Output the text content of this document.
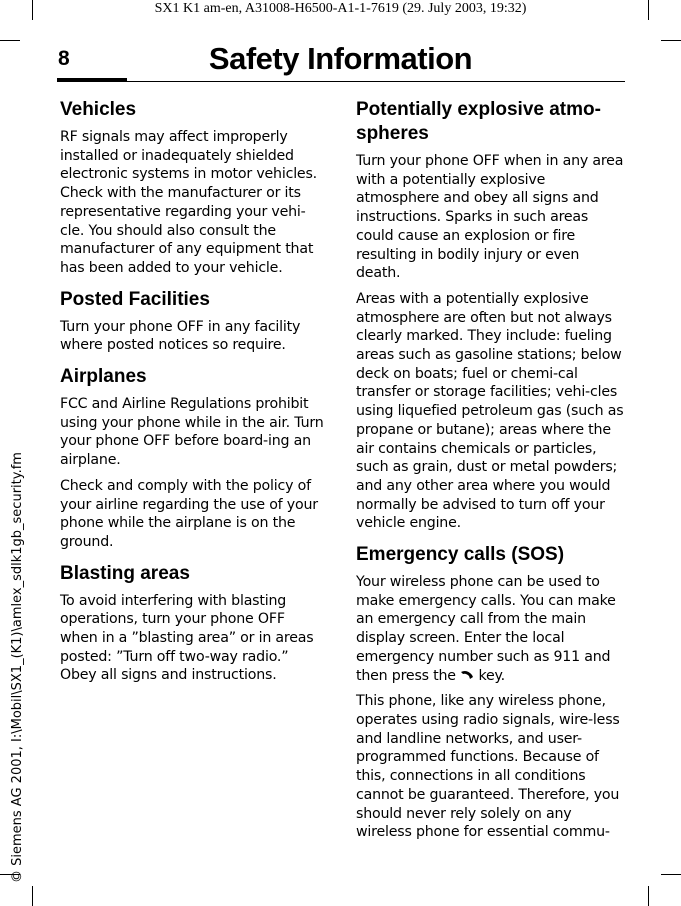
SX1 K1 am-en, A31008-H6500-A1-1-7619 (29. July 2003, 19:32)
8	Safety Information
© Siemens AG 2001, I:\Mobil\SX1_(K1)\amlex_sdlk1gb_security.fm
Vehicles

RF signals may affect improperly installed or inadequately shielded electronic systems in motor vehicles. Check with the manufacturer or its representative regarding your vehi-cle. You should also consult the manufacturer of any equipment that has been added to your vehicle.

Posted Facilities

Turn your phone OFF in any facility where posted notices so require.

Airplanes

FCC and Airline Regulations prohibit using your phone while in the air. Turn your phone OFF before board-ing an airplane.

Check and comply with the policy of your airline regarding the use of your phone while the airplane is on the ground.

Blasting areas

To avoid interfering with blasting operations, turn your phone OFF when in a ”blasting area” or in areas posted: ”Turn off two-way radio.” Obey all signs and instructions.

Potentially explosive atmo-spheres

Turn your phone OFF when in any area with a potentially explosive atmosphere and obey all signs and instructions. Sparks in such areas could cause an explosion or fire resulting in bodily injury or even death.

Areas with a potentially explosive atmosphere are often but not always clearly marked. They include: fueling areas such as gasoline stations; below deck on boats; fuel or chemi-cal transfer or storage facilities; vehi-cles using liquefied petroleum gas (such as propane or butane); areas where the air contains chemicals or particles, such as grain, dust or metal powders; and any other area where you would normally be advised to turn off your vehicle engine.

Emergency calls (SOS)

Your wireless phone can be used to make emergency calls. You can make an emergency call from the main display screen. Enter the local emergency number such as 911 and then press the  key.

This phone, like any wireless phone, operates using radio signals, wire-less and landline networks, and user-programmed functions. Because of this, connections in all conditions cannot be guaranteed. Therefore, you should never rely solely on any wireless phone for essential commu-
